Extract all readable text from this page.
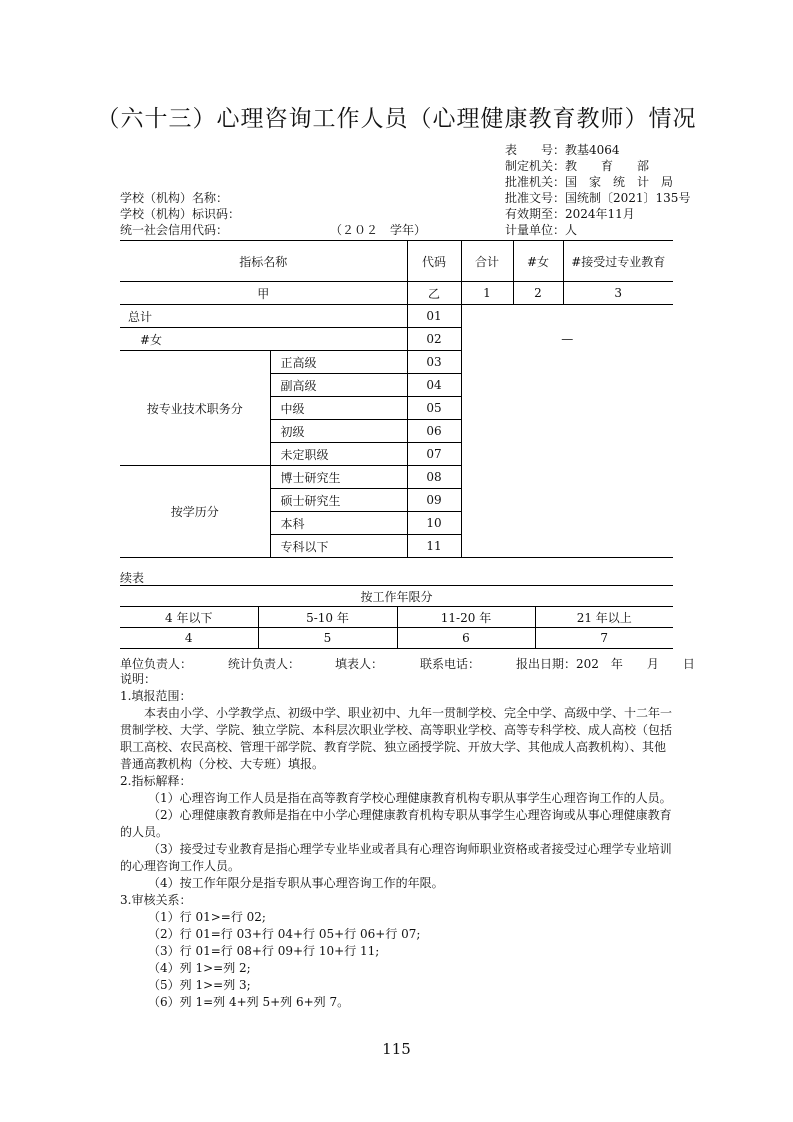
（六十三）心理咨询工作人员（心理健康教育教师）情况
表　　号：教基4064
制定机关：教　　育　　部
批准机关：国　家　统　计　局
批准文号：国统制〔2021〕135号
有效期至：2024年11月
计量单位：人
学校（机构）名称：
学校（机构）标识码：
统一社会信用代码：	（２０２　学年）
指标名称		代码	合计	#女	#接受过专业教育
甲		乙	1	2	3
总计		01			
#女		02	—		
按专业技术职务分	正高级	03			
	副高级	04			
	中级	05			
	初级	06			
	未定职级	07			
按学历分	博士研究生	08			
	硕士研究生	09			
	本科	10			
	专科以下	11			
续表
按工作年限分			
4 年以下	5-10 年	11-20 年	21 年以上
4	5	6	7
单位负责人：	统计负责人：	填表人：	联系电话：	报出日期：202　年　　月　　日

说明：

1.填报范围：

本表由小学、小学教学点、初级中学、职业初中、九年一贯制学校、完全中学、高级中学、十二年一贯制学校、大学、学院、独立学院、本科层次职业学校、高等职业学校、高等专科学校、成人高校（包括职工高校、农民高校、管理干部学院、教育学院、独立函授学院、开放大学、其他成人高教机构）、其他普通高教机构（分校、大专班）填报。

2.指标解释：

（1）心理咨询工作人员是指在高等教育学校心理健康教育机构专职从事学生心理咨询工作的人员。

（2）心理健康教育教师是指在中小学心理健康教育机构专职从事学生心理咨询或从事心理健康教育的人员。

（3）接受过专业教育是指心理学专业毕业或者具有心理咨询师职业资格或者接受过心理学专业培训的心理咨询工作人员。

（4）按工作年限分是指专职从事心理咨询工作的年限。

3.审核关系：

（1）行 01>=行 02;

（2）行 01=行 03+行 04+行 05+行 06+行 07;

（3）行 01=行 08+行 09+行 10+行 11;

（4）列 1>=列 2;

（5）列 1>=列 3;

（6）列 1=列 4+列 5+列 6+列 7。

115
